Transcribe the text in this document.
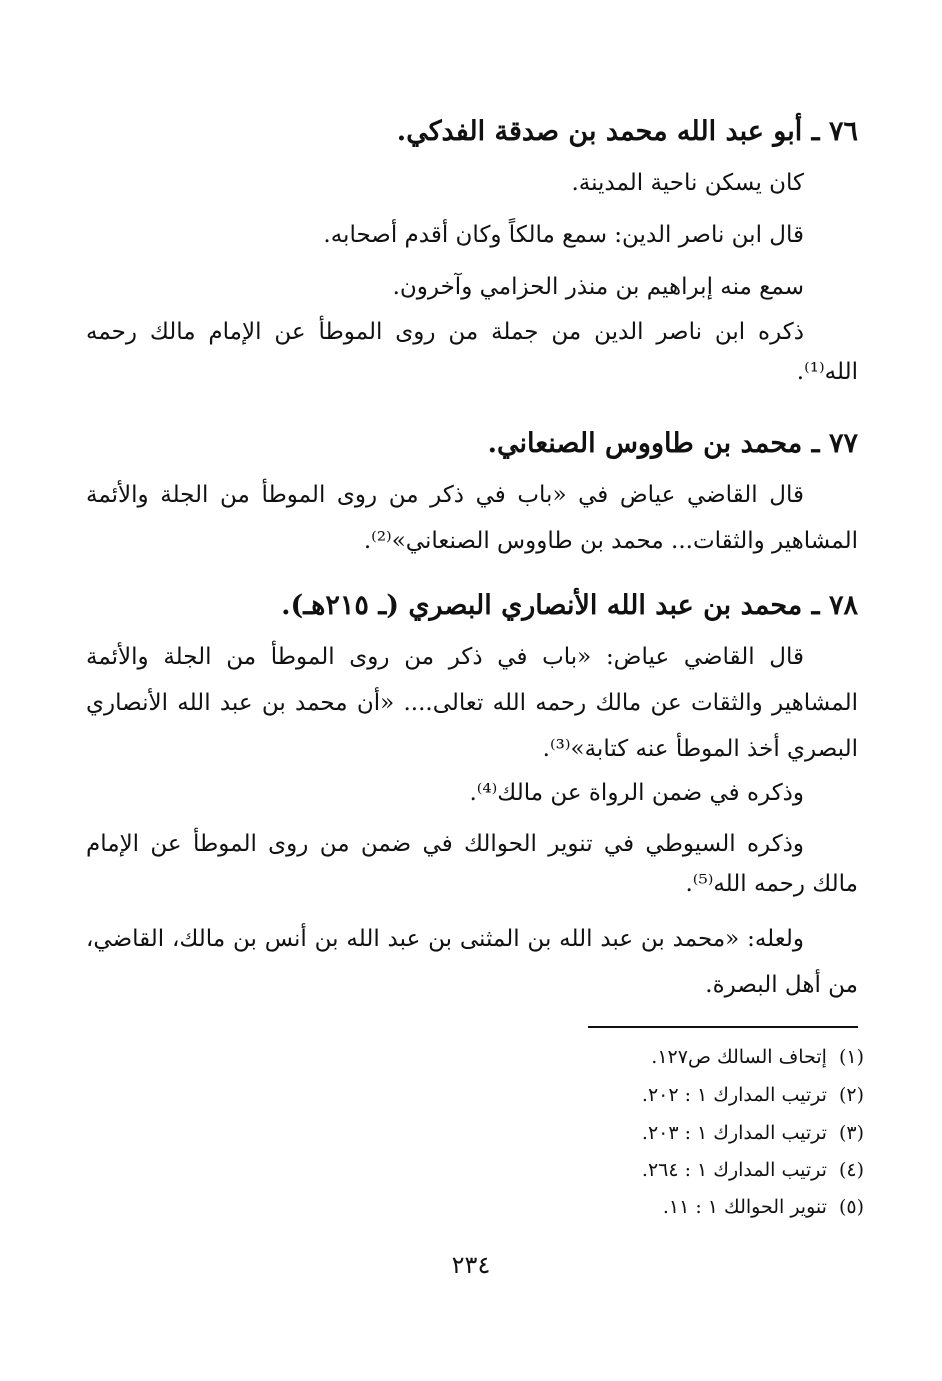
٧٦ ـ أبو عبد الله محمد بن صدقة الفدكي.
كان يسكن ناحية المدينة.
قال ابن ناصر الدين: سمع مالكاً وكان أقدم أصحابه.
سمع منه إبراهيم بن منذر الحزامي وآخرون.
ذكره ابن ناصر الدين من جملة من روى الموطأ عن الإمام مالك رحمه الله⁽¹⁾.
٧٧ ـ محمد بن طاووس الصنعاني.
قال القاضي عياض في «باب في ذكر من روى الموطأ من الجلة والأئمة المشاهير والثقات... محمد بن طاووس الصنعاني»⁽²⁾.
٧٨ ـ محمد بن عبد الله الأنصاري البصري (ـ ٢١٥هـ).
قال القاضي عياض: «باب في ذكر من روى الموطأ من الجلة والأئمة المشاهير والثقات عن مالك رحمه الله تعالى.... «أن محمد بن عبد الله الأنصاري البصري أخذ الموطأ عنه كتابة»⁽³⁾.
وذكره في ضمن الرواة عن مالك⁽⁴⁾.
وذكره السيوطي في تنوير الحوالك في ضمن من روى الموطأ عن الإمام مالك رحمه الله⁽⁵⁾.
ولعله: «محمد بن عبد الله بن المثنى بن عبد الله بن أنس بن مالك، القاضي، من أهل البصرة.
(١)إتحاف السالك ص١٢٧.
(٢)ترتيب المدارك ١ : ٢٠٢.
(٣)ترتيب المدارك ١ : ٢٠٣.
(٤)ترتيب المدارك ١ : ٢٦٤.
(٥)تنوير الحوالك ١ : ١١.
٢٣٤
